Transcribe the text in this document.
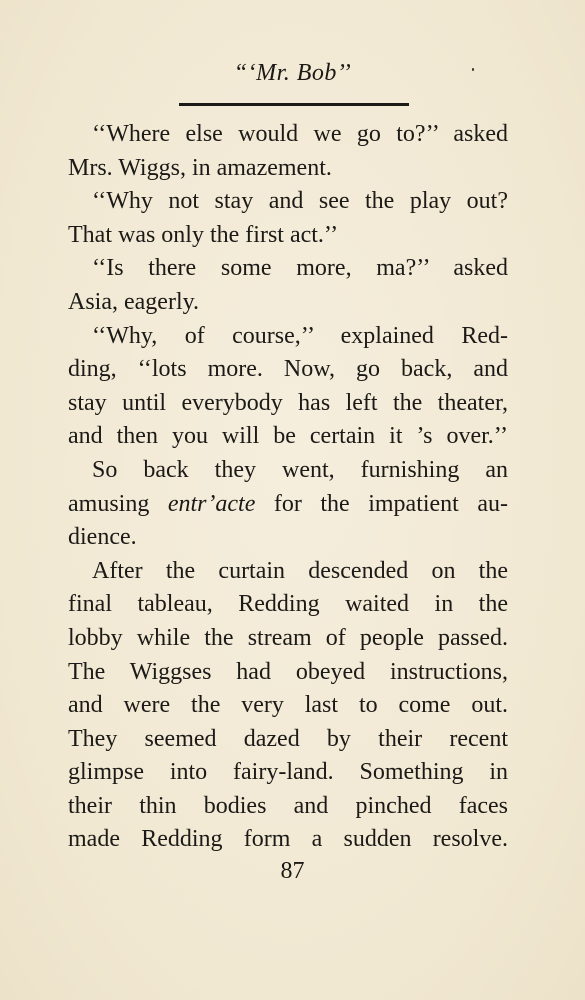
“‘Mr. Bob’’
‘‘Where else would we go to?’’ asked
Mrs. Wiggs, in amazement.
‘‘Why not stay and see the play out?
That was only the first act.’’
‘‘Is there some more, ma?’’ asked
Asia, eagerly.
‘‘Why, of course,’’ explained Red-
ding, ‘‘lots more. Now, go back, and
stay until everybody has left the theater,
and then you will be certain it ’s over.’’
So back they went, furnishing an
amusing entr’acte for the impatient au-
dience.
After the curtain descended on the
final tableau, Redding waited in the
lobby while the stream of people passed.
The Wiggses had obeyed instructions,
and were the very last to come out.
They seemed dazed by their recent
glimpse into fairy-land. Something in
their thin bodies and pinched faces
made Redding form a sudden resolve.
87
